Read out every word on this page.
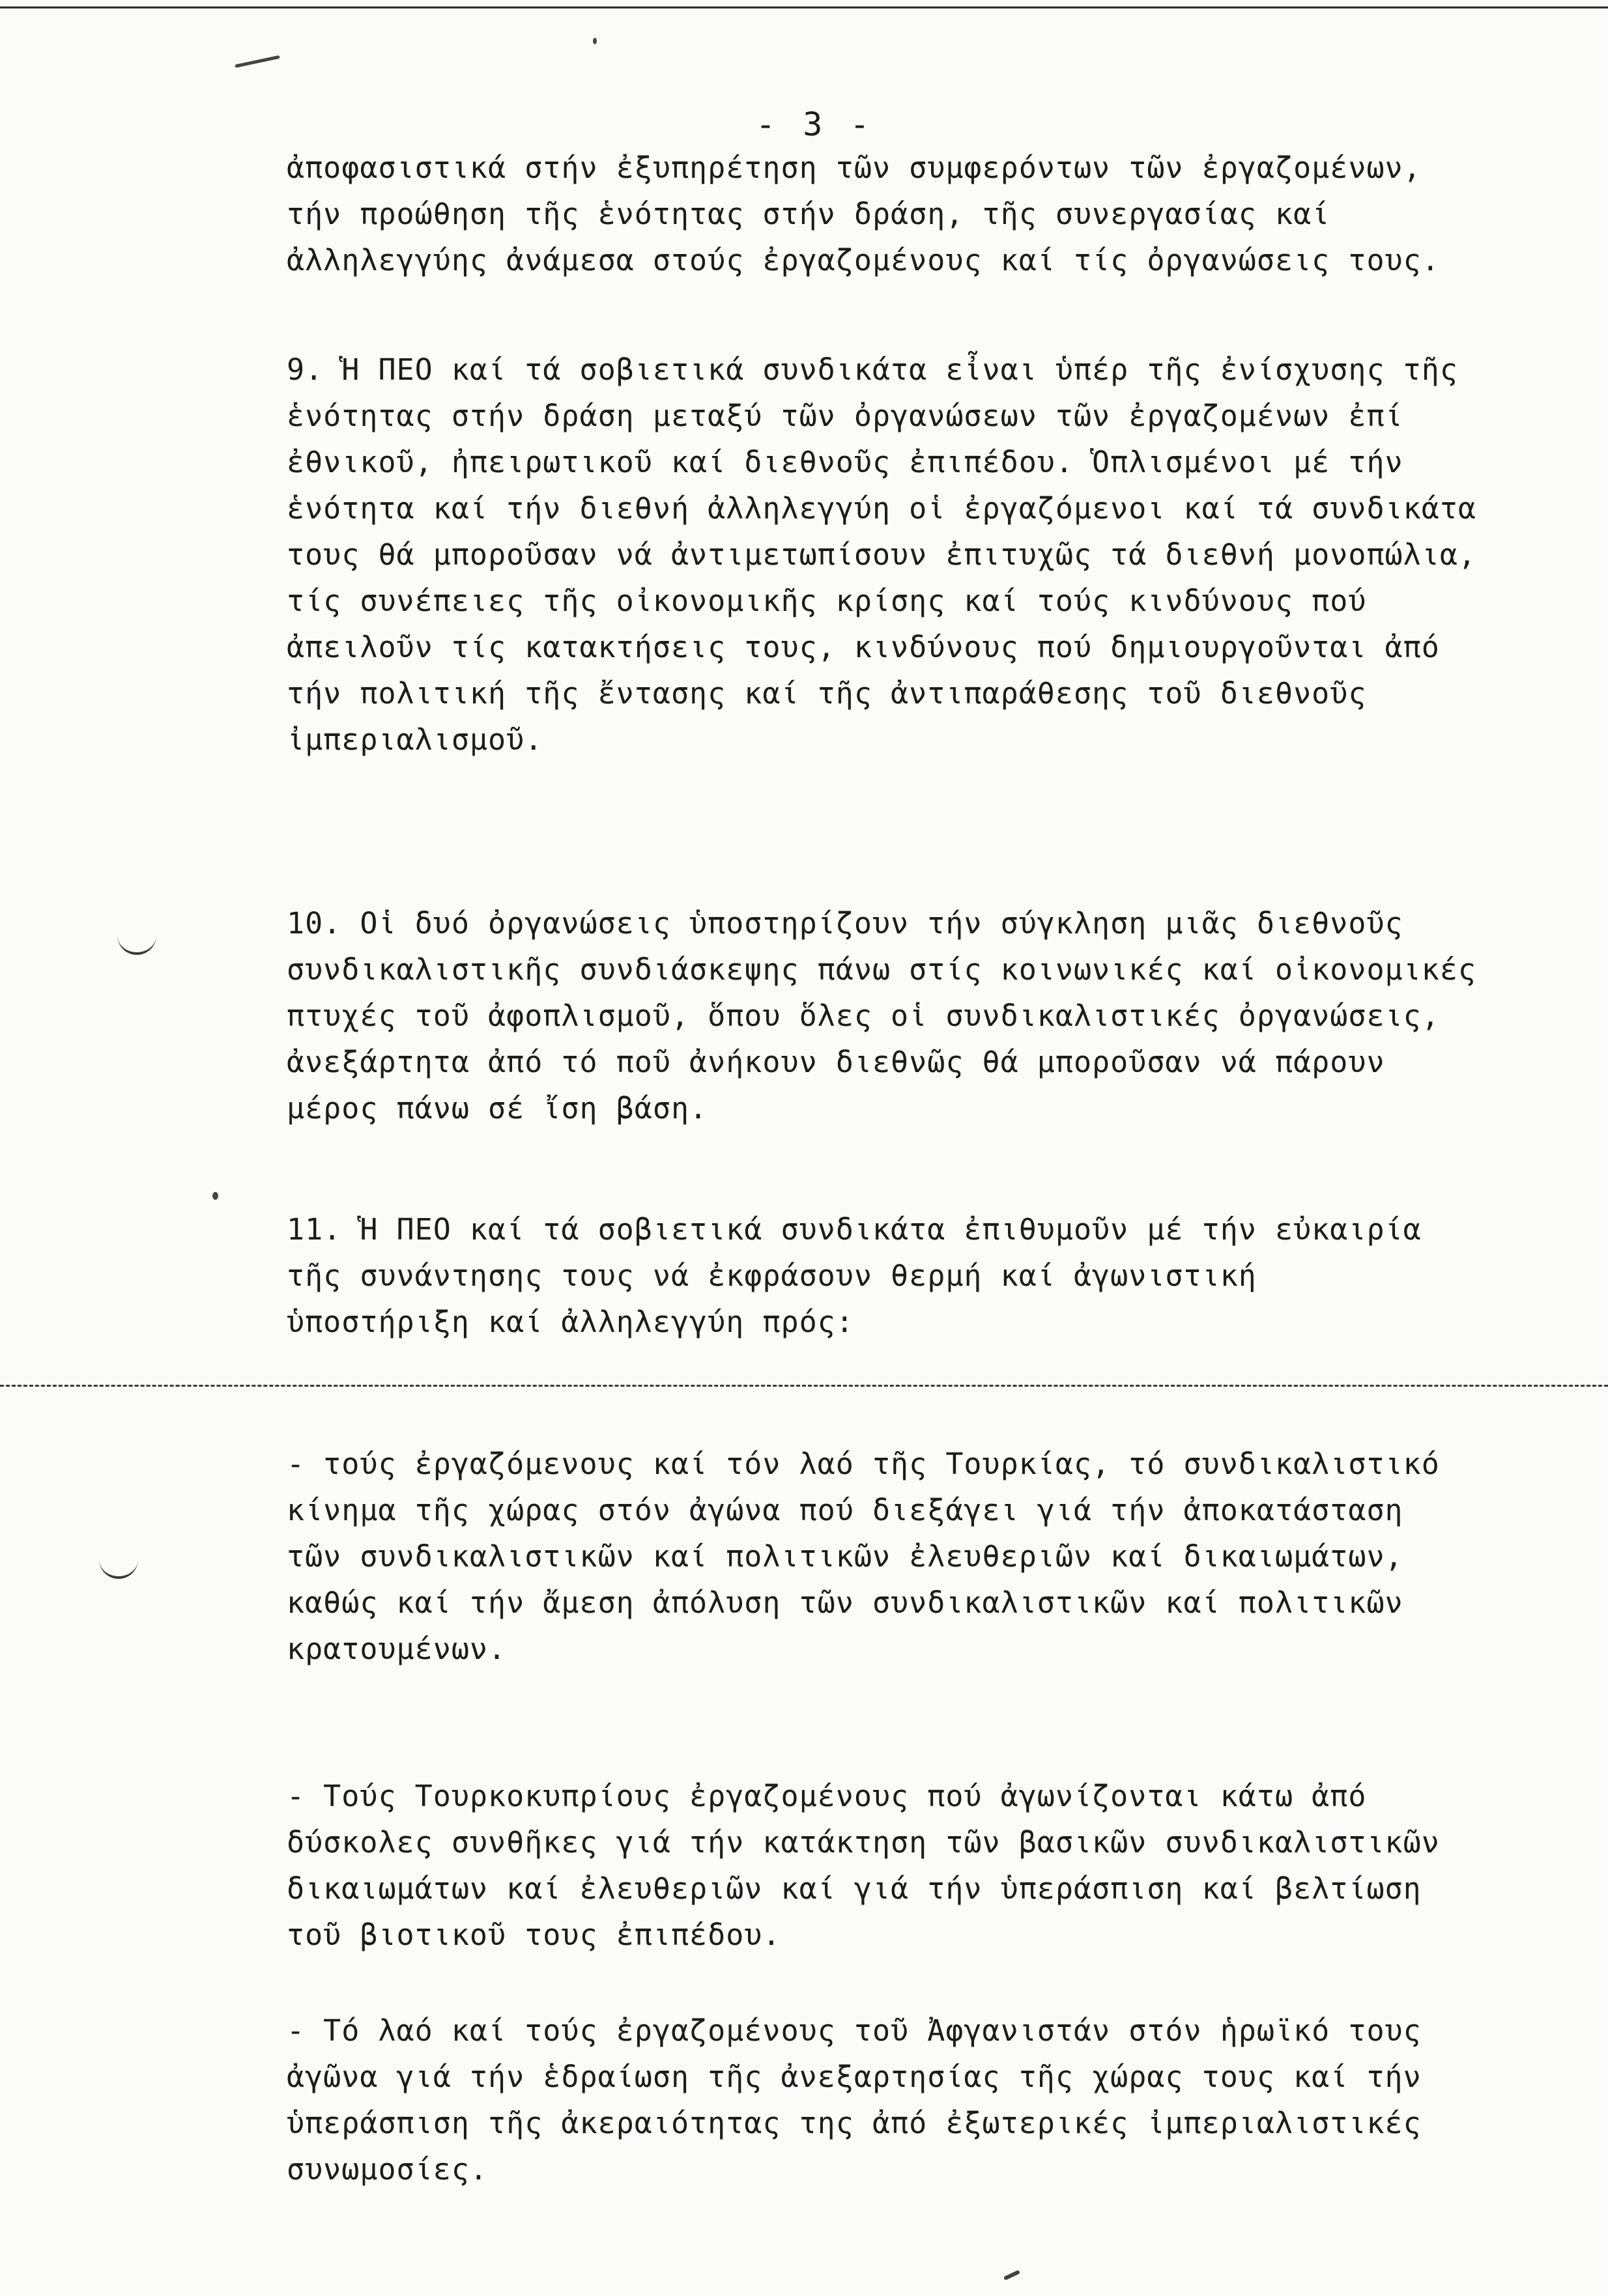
- 3 -
ἀποφασιστικά στήν ἐξυπηρέτηση τῶν συμφερόντων τῶν ἐργαζομένων,
τήν προώθηση τῆς ἑνότητας στήν δράση, τῆς συνεργασίας καί
ἀλληλεγγύης ἀνάμεσα στούς ἐργαζομένους καί τίς ὀργανώσεις τους.
9. Ἡ ΠΕΟ καί τά σοβιετικά συνδικάτα εἶναι ὑπέρ τῆς ἐνίσχυσης τῆς
ἑνότητας στήν δράση μεταξύ τῶν ὀργανώσεων τῶν ἐργαζομένων ἐπί
ἐθνικοῦ, ἠπειρωτικοῦ καί διεθνοῦς ἐπιπέδου. Ὁπλισμένοι μέ τήν
ἑνότητα καί τήν διεθνή ἀλληλεγγύη οἱ ἐργαζόμενοι καί τά συνδικάτα
τους θά μποροῦσαν νά ἀντιμετωπίσουν ἐπιτυχῶς τά διεθνή μονοπώλια,
τίς συνέπειες τῆς οἰκονομικῆς κρίσης καί τούς κινδύνους πού
ἀπειλοῦν τίς κατακτήσεις τους, κινδύνους πού δημιουργοῦνται ἀπό
τήν πολιτική τῆς ἔντασης καί τῆς ἀντιπαράθεσης τοῦ διεθνοῦς
ἰμπεριαλισμοῦ.
10. Οἱ δυό ὀργανώσεις ὑποστηρίζουν τήν σύγκληση μιᾶς διεθνοῦς
συνδικαλιστικῆς συνδιάσκεψης πάνω στίς κοινωνικές καί οἰκονομικές
πτυχές τοῦ ἀφοπλισμοῦ, ὅπου ὅλες οἱ συνδικαλιστικές ὀργανώσεις,
ἀνεξάρτητα ἀπό τό ποῦ ἀνήκουν διεθνῶς θά μποροῦσαν νά πάρουν
μέρος πάνω σέ ἴση βάση.
11. Ἡ ΠΕΟ καί τά σοβιετικά συνδικάτα ἐπιθυμοῦν μέ τήν εὐκαιρία
τῆς συνάντησης τους νά ἐκφράσουν θερμή καί ἀγωνιστική
ὑποστήριξη καί ἀλληλεγγύη πρός:
- τούς ἐργαζόμενους καί τόν λαό τῆς Τουρκίας, τό συνδικαλιστικό
κίνημα τῆς χώρας στόν ἀγώνα πού διεξάγει γιά τήν ἀποκατάσταση
τῶν συνδικαλιστικῶν καί πολιτικῶν ἐλευθεριῶν καί δικαιωμάτων,
καθώς καί τήν ἄμεση ἀπόλυση τῶν συνδικαλιστικῶν καί πολιτικῶν
κρατουμένων.
- Τούς Τουρκοκυπρίους ἐργαζομένους πού ἀγωνίζονται κάτω ἀπό
δύσκολες συνθῆκες γιά τήν κατάκτηση τῶν βασικῶν συνδικαλιστικῶν
δικαιωμάτων καί ἐλευθεριῶν καί γιά τήν ὑπεράσπιση καί βελτίωση
τοῦ βιοτικοῦ τους ἐπιπέδου.
- Τό λαό καί τούς ἐργαζομένους τοῦ Ἀφγανιστάν στόν ἡρωϊκό τους
ἀγῶνα γιά τήν ἑδραίωση τῆς ἀνεξαρτησίας τῆς χώρας τους καί τήν
ὑπεράσπιση τῆς ἀκεραιότητας της ἀπό ἐξωτερικές ἰμπεριαλιστικές
συνωμοσίες.
